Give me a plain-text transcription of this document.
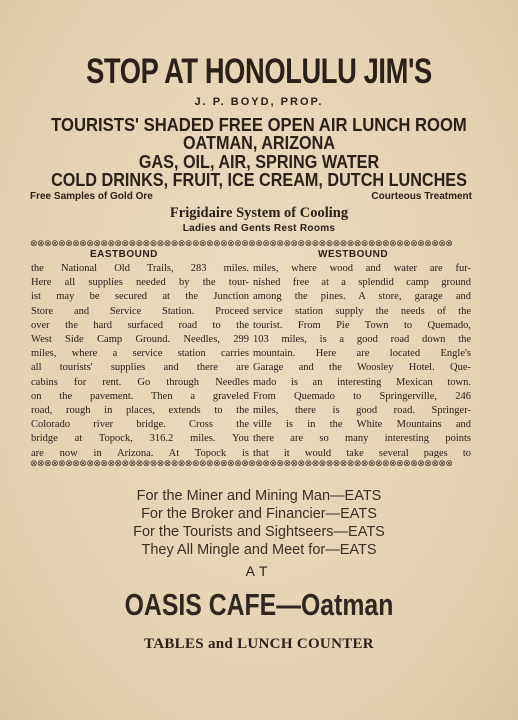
STOP AT HONOLULU JIM'S
J. P. BOYD, PROP.
TOURISTS' SHADED FREE OPEN AIR LUNCH ROOM
OATMAN, ARIZONA
GAS, OIL, AIR, SPRING WATER
COLD DRINKS, FRUIT, ICE CREAM, DUTCH LUNCHES
Free Samples of Gold Ore	Courteous Treatment
Frigidaire System of Cooling
Ladies and Gents Rest Rooms
⊗⊗⊗⊗⊗⊗⊗⊗⊗⊗⊗⊗⊗⊗⊗⊗⊗⊗⊗⊗⊗⊗⊗⊗⊗⊗⊗⊗⊗⊗⊗⊗⊗⊗⊗⊗⊗⊗⊗⊗⊗⊗⊗⊗⊗⊗⊗⊗⊗⊗⊗⊗⊗⊗⊗⊗⊗⊗⊗⊗
EASTBOUND	WESTBOUND
the National Old Trails, 283 miles.
Here all supplies needed by the tour-
ist may be secured at the Junction
Store and Service Station. Proceed
over the hard surfaced road to the
West Side Camp Ground. Needles, 299
miles, where a service station carries
all tourists' supplies and there are
cabins for rent. Go through Needles
on the pavement. Then a graveled
road, rough in places, extends to the
Colorado river bridge. Cross the
bridge at Topock, 316.2 miles. You
are now in Arizona. At Topock is
miles, where wood and water are fur-
nished free at a splendid camp ground
among the pines. A store, garage and
service station supply the needs of the
tourist. From Pie Town to Quemado,
103 miles, is a good road down the
mountain. Here are located Engle's
Garage and the Woosley Hotel. Que-
mado is an interesting Mexican town.
From Quemado to Springerville, 246
miles, there is good road. Springer-
ville is in the White Mountains and
there are so many interesting points
that it would take several pages to
⊗⊗⊗⊗⊗⊗⊗⊗⊗⊗⊗⊗⊗⊗⊗⊗⊗⊗⊗⊗⊗⊗⊗⊗⊗⊗⊗⊗⊗⊗⊗⊗⊗⊗⊗⊗⊗⊗⊗⊗⊗⊗⊗⊗⊗⊗⊗⊗⊗⊗⊗⊗⊗⊗⊗⊗⊗⊗⊗⊗
For the Miner and Mining Man—EATS
For the Broker and Financier—EATS
For the Tourists and Sightseers—EATS
They All Mingle and Meet for—EATS
AT
OASIS CAFE—Oatman
TABLES and LUNCH COUNTER
